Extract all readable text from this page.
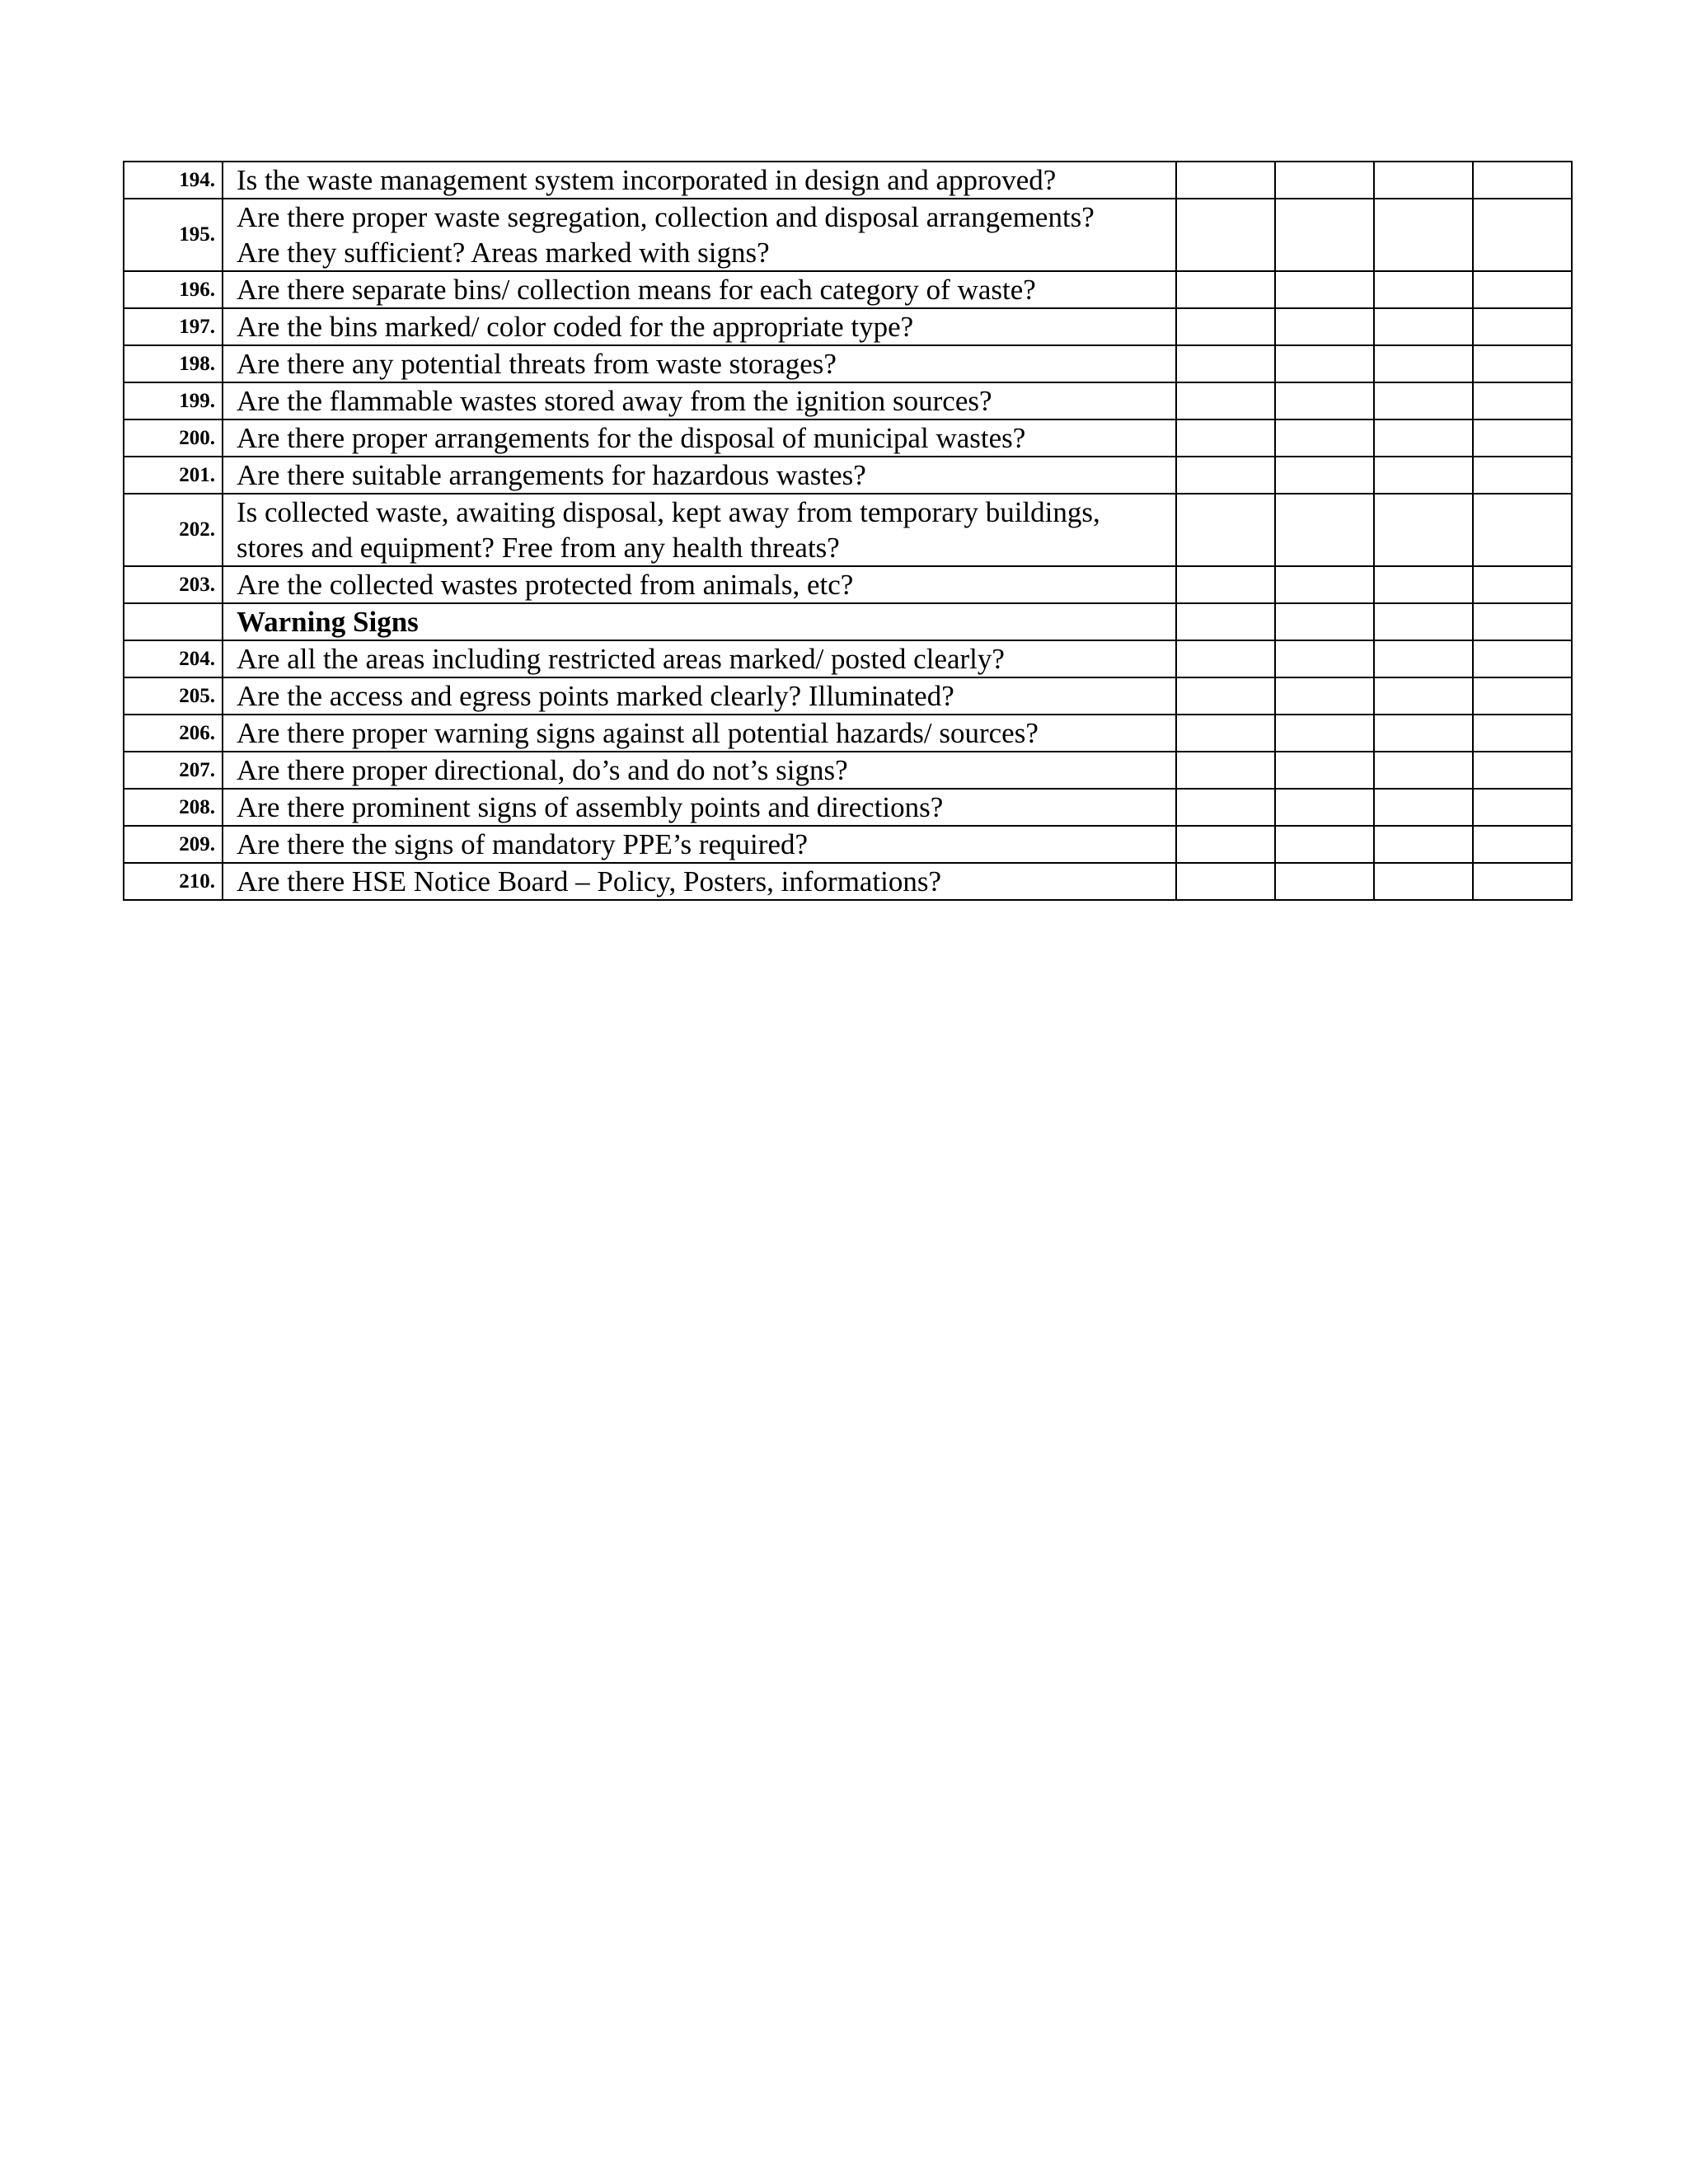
194.	Is the waste management system incorporated in design and approved?				

195.	Are there proper waste segregation, collection and disposal arrangements?
Are they sufficient? Areas marked with signs?				

196.	Are there separate bins/ collection means for each category of waste?				

197.	Are the bins marked/ color coded for the appropriate type?				

198.	Are there any potential threats from waste storages?				

199.	Are the flammable wastes stored away from the ignition sources?				

200.	Are there proper arrangements for the disposal of municipal wastes?				

201.	Are there suitable arrangements for hazardous wastes?				

202.	Is collected waste, awaiting disposal, kept away from temporary buildings,
stores and equipment? Free from any health threats?				

203.	Are the collected wastes protected from animals, etc?				

	Warning Signs				

204.	Are all the areas including restricted areas marked/ posted clearly?				

205.	Are the access and egress points marked clearly? Illuminated?				

206.	Are there proper warning signs against all potential hazards/ sources?				

207.	Are there proper directional, do’s and do not’s signs?				

208.	Are there prominent signs of assembly points and directions?				

209.	Are there the signs of mandatory PPE’s required?				

210.	Are there HSE Notice Board – Policy, Posters, informations?				
